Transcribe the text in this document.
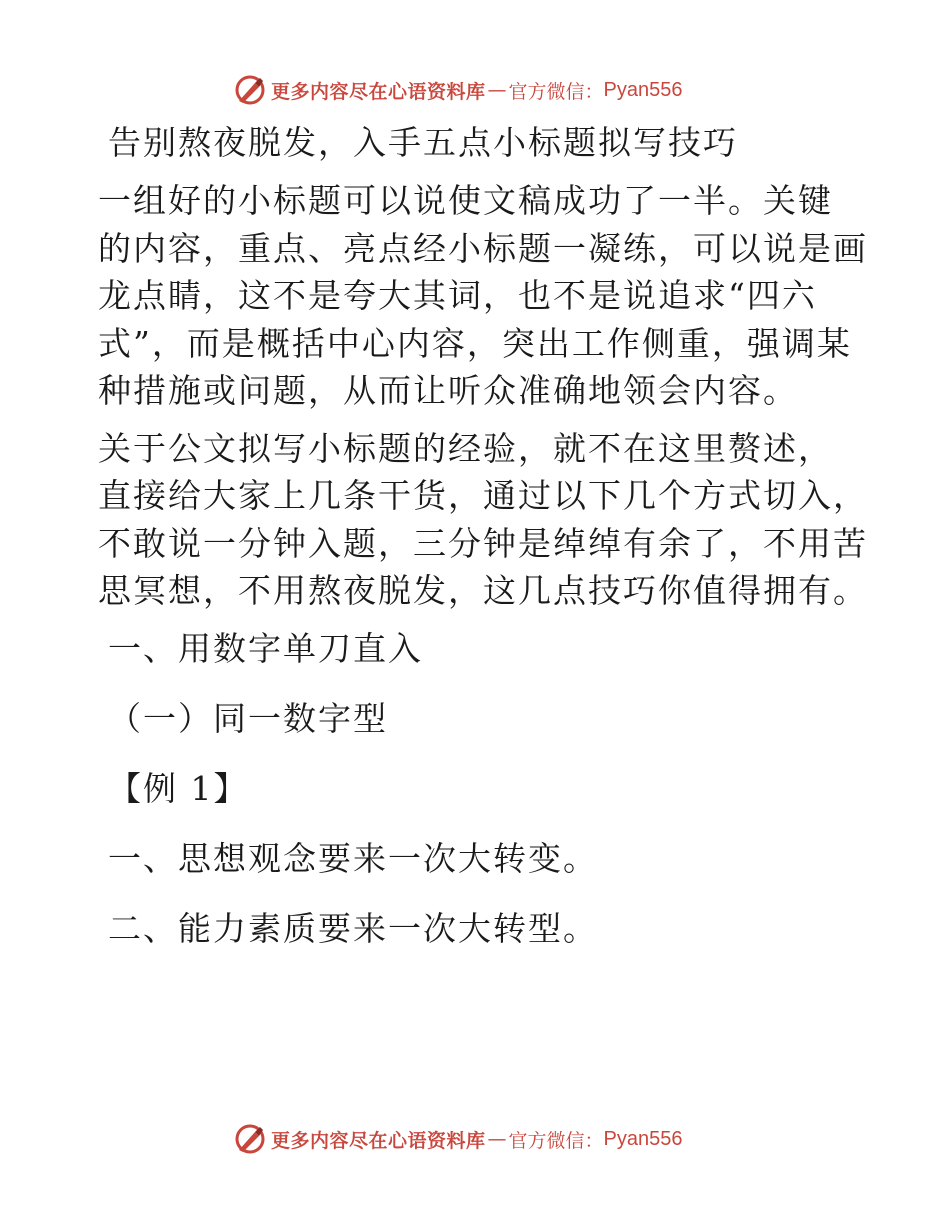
更多内容尽在心语资料库 — 官方微信： Pyan556
告别熬夜脱发，入手五点小标题拟写技巧
一组好的小标题可以说使文稿成功了一半。关键
的内容，重点、亮点经小标题一凝练，可以说是画
龙点睛，这不是夸大其词，也不是说追求“四六
式”，而是概括中心内容，突出工作侧重，强调某
种措施或问题，从而让听众准确地领会内容。
关于公文拟写小标题的经验，就不在这里赘述，
直接给大家上几条干货，通过以下几个方式切入，
不敢说一分钟入题，三分钟是绰绰有余了，不用苦
思冥想，不用熬夜脱发，这几点技巧你值得拥有。
一、用数字单刀直入
（一）同一数字型
【例 1】
一、思想观念要来一次大转变。
二、能力素质要来一次大转型。
更多内容尽在心语资料库 — 官方微信： Pyan556
